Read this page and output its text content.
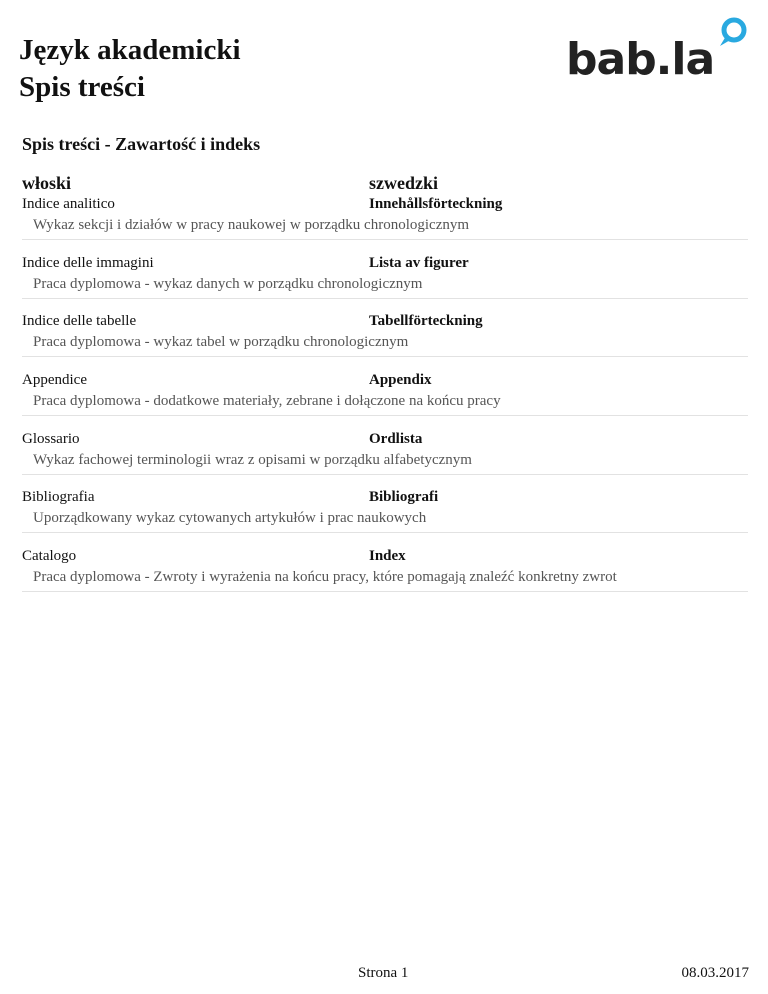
Język akademicki
Spis treści
bab.la
Spis treści - Zawartość i indeks
włoski	szwedzki
Indice analitico	Innehållsförteckning
Wykaz sekcji i działów w pracy naukowej w porządku chronologicznym
Indice delle immagini	Lista av figurer
Praca dyplomowa - wykaz danych w porządku chronologicznym
Indice delle tabelle	Tabellförteckning
Praca dyplomowa - wykaz tabel w porządku chronologicznym
Appendice	Appendix
Praca dyplomowa - dodatkowe materiały, zebrane i dołączone na końcu pracy
Glossario	Ordlista
Wykaz fachowej terminologii wraz z opisami w porządku alfabetycznym
Bibliografia	Bibliografi
Uporządkowany wykaz cytowanych artykułów i prac naukowych
Catalogo	Index
Praca dyplomowa - Zwroty i wyrażenia na końcu pracy, które pomagają znaleźć konkretny zwrot
Strona 1	08.03.2017
